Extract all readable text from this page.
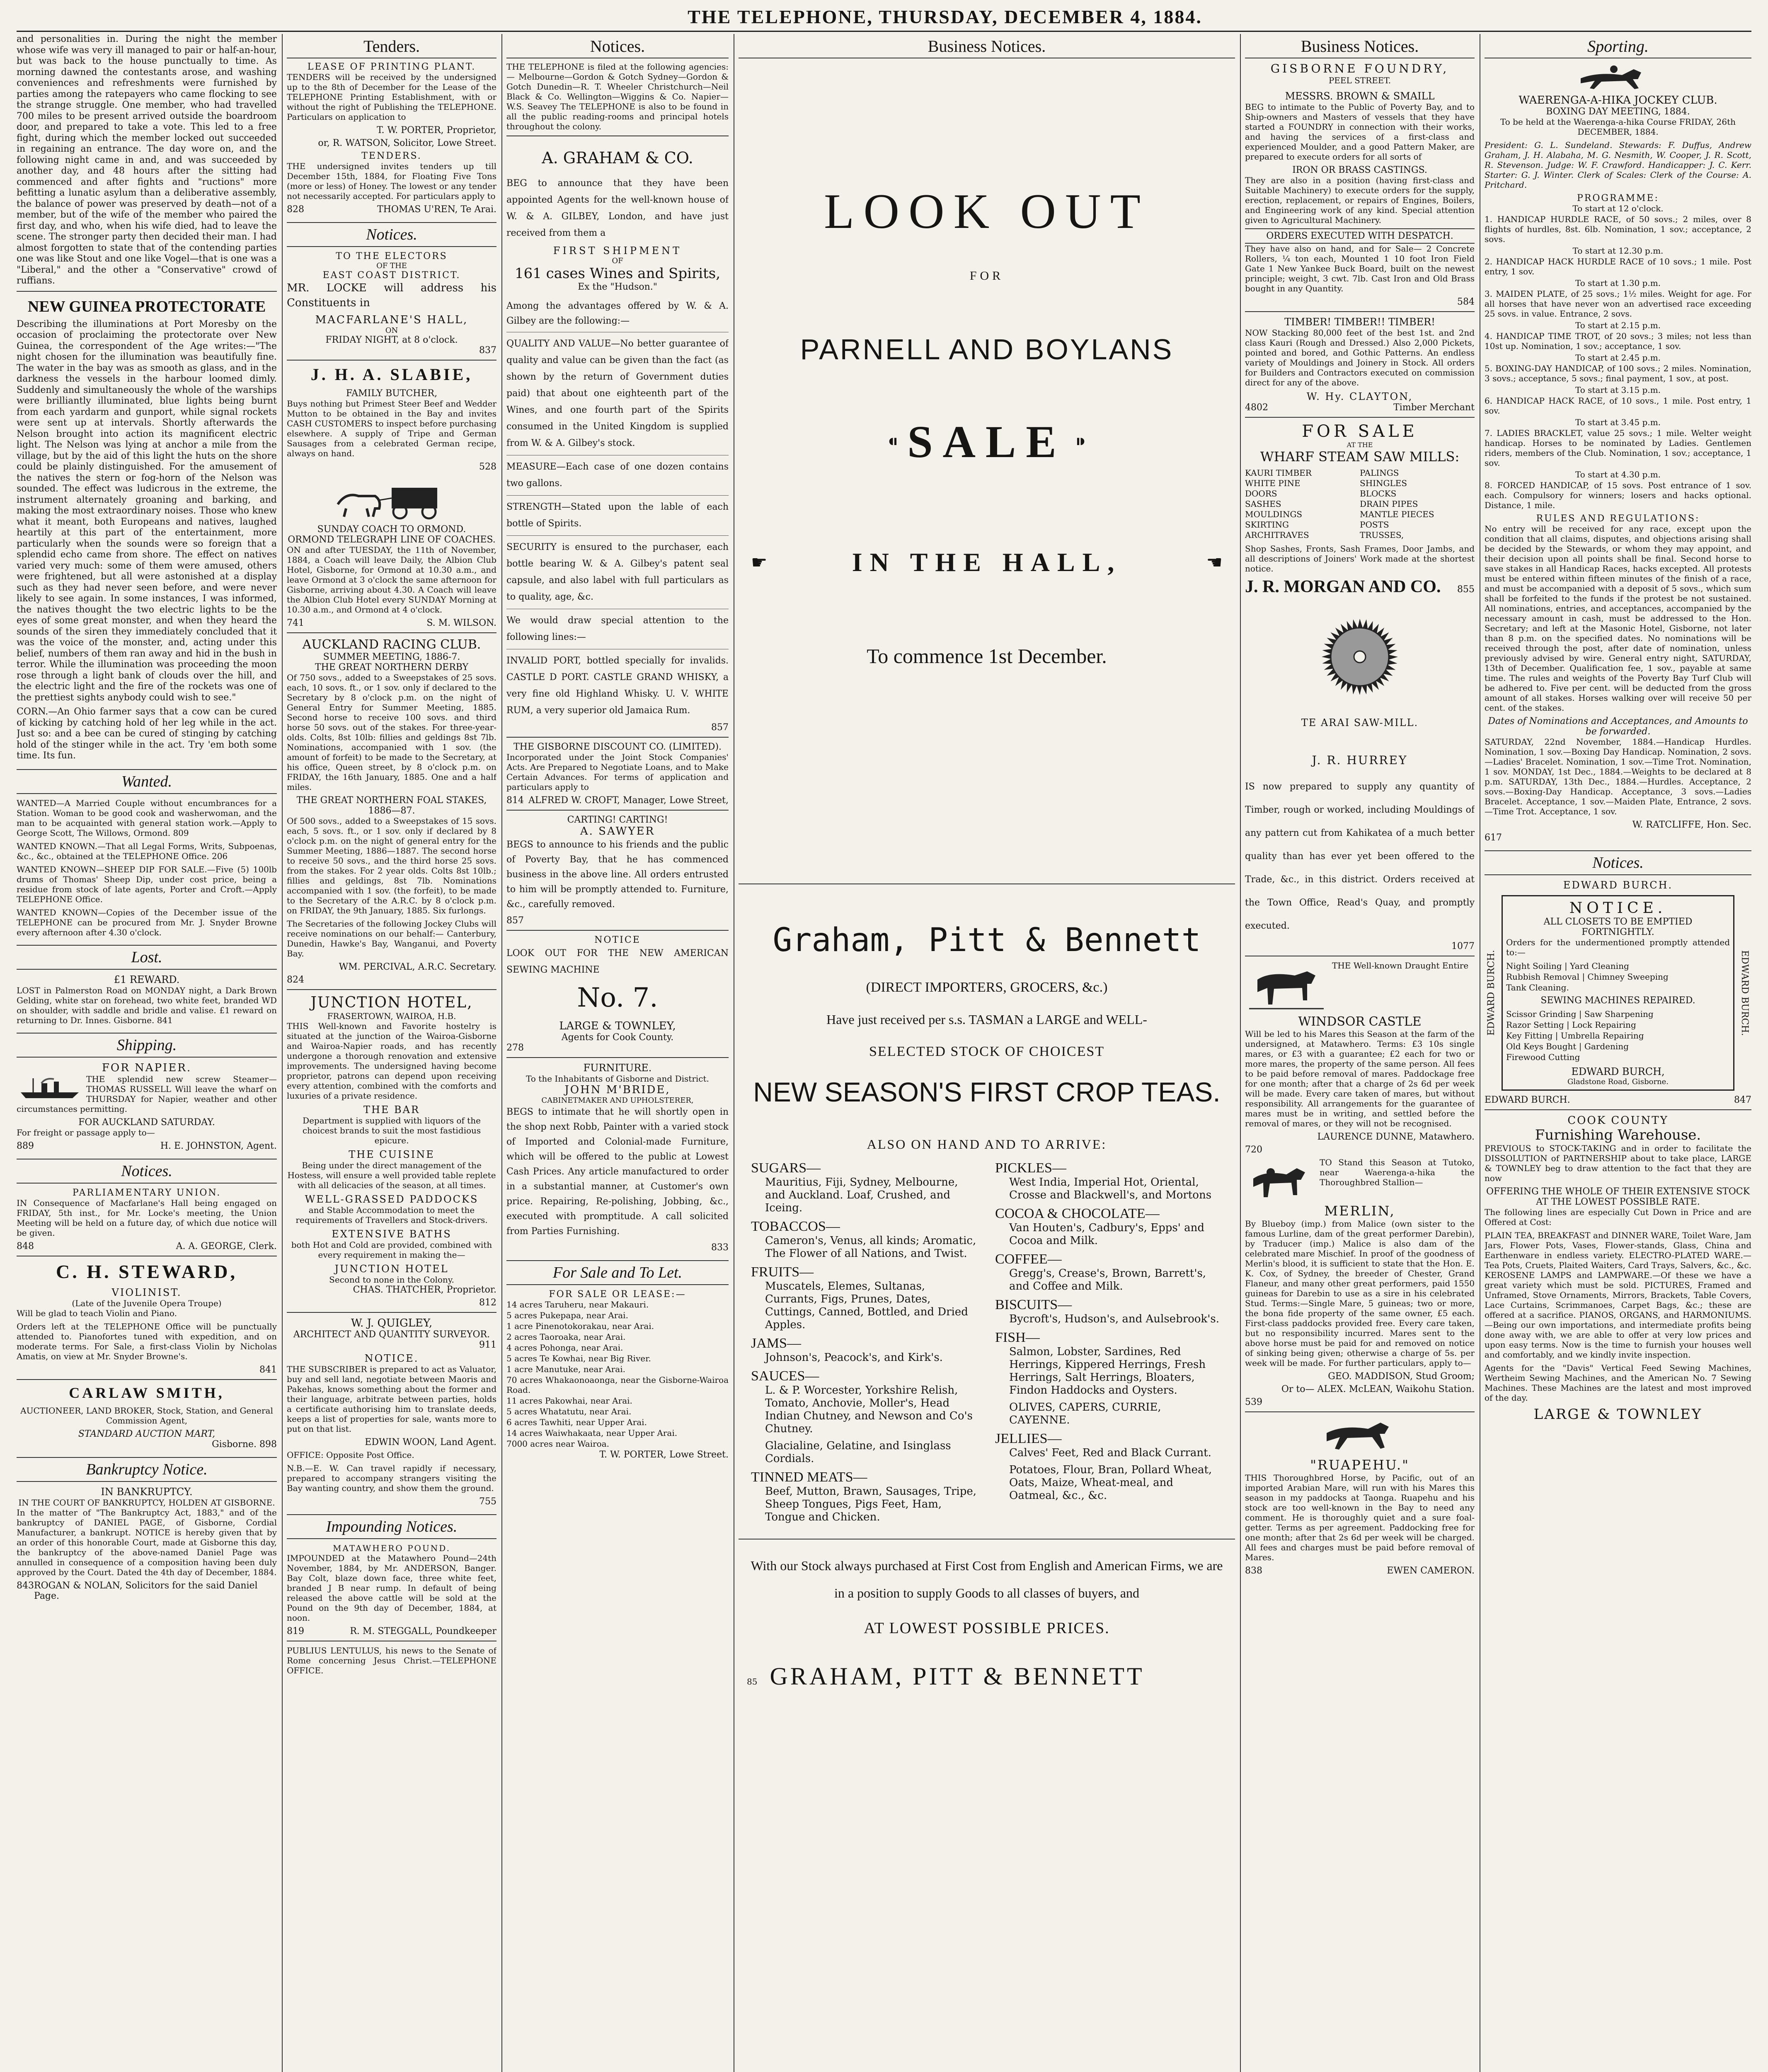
THE TELEPHONE, THURSDAY, DECEMBER 4, 1884.

and personalities in. During the night the member whose wife was very ill managed to pair or half-an-hour, but was back to the house punctually to time. As morning dawned the contestants arose, and washing conveniences and refreshments were furnished by parties among the ratepayers who came flocking to see the strange struggle. One member, who had travelled 700 miles to be present arrived outside the boardroom door, and prepared to take a vote. This led to a free fight, during which the member locked out succeeded in regaining an entrance. The day wore on, and the following night came in and, and was succeeded by another day, and 48 hours after the sitting had commenced and after fights and "ructions" more befitting a lunatic asylum than a deliberative assembly, the balance of power was preserved by death—not of a member, but of the wife of the member who paired the first day, and who, when his wife died, had to leave the scene. The stronger party then decided their man. I had almost forgotten to state that of the contending parties one was like Stout and one like Vogel—that is one was a "Liberal," and the other a "Conservative" crowd of ruffians.

NEW GUINEA PROTECTORATE

Describing the illuminations at Port Moresby on the occasion of proclaiming the protectorate over New Guinea, the correspondent of the Age writes:—"The night chosen for the illumination was beautifully fine. The water in the bay was as smooth as glass, and in the darkness the vessels in the harbour loomed dimly. Suddenly and simultaneously the whole of the warships were brilliantly illuminated, blue lights being burnt from each yardarm and gunport, while signal rockets were sent up at intervals. Shortly afterwards the Nelson brought into action its magnificent electric light. The Nelson was lying at anchor a mile from the village, but by the aid of this light the huts on the shore could be plainly distinguished. For the amusement of the natives the stern or fog-horn of the Nelson was sounded. The effect was ludicrous in the extreme, the instrument alternately groaning and barking, and making the most extraordinary noises. Those who knew what it meant, both Europeans and natives, laughed heartily at this part of the entertainment, more particularly when the sounds were so foreign that a splendid echo came from shore. The effect on natives varied very much: some of them were amused, others were frightened, but all were astonished at a display such as they had never seen before, and were never likely to see again. In some instances, I was informed, the natives thought the two electric lights to be the eyes of some great monster, and when they heard the sounds of the siren they immediately concluded that it was the voice of the monster, and, acting under this belief, numbers of them ran away and hid in the bush in terror. While the illumination was proceeding the moon rose through a light bank of clouds over the hill, and the electric light and the fire of the rockets was one of the prettiest sights anybody could wish to see."

CORN.—An Ohio farmer says that a cow can be cured of kicking by catching hold of her leg while in the act. Just so: and a bee can be cured of stinging by catching hold of the stinger while in the act. Try 'em both some time. Its fun.

Wanted.

WANTED—A Married Couple without encumbrances for a Station. Woman to be good cook and washerwoman, and the man to be acquainted with general station work.—Apply to George Scott, The Willows, Ormond. 809

WANTED KNOWN.—That all Legal Forms, Writs, Subpoenas, &c., &c., obtained at the TELEPHONE Office. 206

WANTED KNOWN—SHEEP DIP FOR SALE.—Five (5) 100lb drums of Thomas' Sheep Dip, under cost price, being a residue from stock of late agents, Porter and Croft.—Apply TELEPHONE Office.

WANTED KNOWN—Copies of the December issue of the TELEPHONE can be procured from Mr. J. Snyder Browne every afternoon after 4.30 o'clock.

Lost.
£1 REWARD.

LOST in Palmerston Road on MONDAY night, a Dark Brown Gelding, white star on forehead, two white feet, branded WD on shoulder, with saddle and bridle and valise. £1 reward on returning to Dr. Innes. Gisborne. 841

Shipping.
FOR NAPIER.

THE splendid new screw Steamer— THOMAS RUSSELL Will leave the wharf on THURSDAY for Napier, weather and other circumstances permitting.

FOR AUCKLAND SATURDAY.

For freight or passage apply to—

889	H. E. JOHNSTON, Agent.
Notices.
PARLIAMENTARY UNION.

IN Consequence of Macfarlane's Hall being engaged on FRIDAY, 5th inst., for Mr. Locke's meeting, the Union Meeting will be held on a future day, of which due notice will be given.

848	A. A. GEORGE, Clerk.
C. H. STEWARD,
VIOLINIST.
(Late of the Juvenile Opera Troupe)

Will be glad to teach Violin and Piano.

Orders left at the TELEPHONE Office will be punctually attended to. Pianofortes tuned with expedition, and on moderate terms. For Sale, a first-class Violin by Nicholas Amatis, on view at Mr. Snyder Browne's.

841
CARLAW SMITH,

AUCTIONEER, LAND BROKER, Stock, Station, and General Commission Agent,

STANDARD AUCTION MART,
Gisborne. 898
Bankruptcy Notice.
IN BANKRUPTCY.
IN THE COURT OF BANKRUPTCY, HOLDEN AT GISBORNE.

In the matter of "The Bankruptcy Act, 1883," and of the bankruptcy of DANIEL PAGE, of Gisborne, Cordial Manufacturer, a bankrupt. NOTICE is hereby given that by an order of this honorable Court, made at Gisborne this day, the bankruptcy of the above-named Daniel Page was annulled in consequence of a composition having been duly approved by the Court. Dated the 4th day of December, 1884.

843 ROGAN & NOLAN, Solicitors for the said Daniel Page.
Tenders.
LEASE OF PRINTING PLANT.

TENDERS will be received by the undersigned up to the 8th of December for the Lease of the TELEPHONE Printing Establishment, with or without the right of Publishing the TELEPHONE. Particulars on application to

T. W. PORTER, Proprietor,
or, R. WATSON, Solicitor, Lowe Street.
TENDERS.

THE undersigned invites tenders up till December 15th, 1884, for Floating Five Tons (more or less) of Honey. The lowest or any tender not necessarily accepted. For particulars apply to

828	THOMAS U'REN, Te Arai.
Notices.
TO THE ELECTORS
OF THE
EAST COAST DISTRICT.

MR. LOCKE will address his Constituents in

MACFARLANE'S HALL,
ON
FRIDAY NIGHT, at 8 o'clock.
837
J. H. A. SLABIE,
FAMILY BUTCHER,

Buys nothing but Primest Steer Beef and Wedder Mutton to be obtained in the Bay and invites CASH CUSTOMERS to inspect before purchasing elsewhere. A supply of Tripe and German Sausages from a celebrated German recipe, always on hand.

528
SUNDAY COACH TO ORMOND.
ORMOND TELEGRAPH LINE OF COACHES.

ON and after TUESDAY, the 11th of November, 1884, a Coach will leave Daily, the Albion Club Hotel, Gisborne, for Ormond at 10.30 a.m., and leave Ormond at 3 o'clock the same afternoon for Gisborne, arriving about 4.30. A Coach will leave the Albion Club Hotel every SUNDAY Morning at 10.30 a.m., and Ormond at 4 o'clock.

741	S. M. WILSON.
AUCKLAND RACING CLUB.
SUMMER MEETING, 1886-7.
THE GREAT NORTHERN DERBY

Of 750 sovs., added to a Sweepstakes of 25 sovs. each, 10 sovs. ft., or 1 sov. only if declared to the Secretary by 8 o'clock p.m. on the night of General Entry for Summer Meeting, 1885. Second horse to receive 100 sovs. and third horse 50 sovs. out of the stakes. For three-year-olds. Colts, 8st 10lb: fillies and geldings 8st 7lb. Nominations, accompanied with 1 sov. (the amount of forfeit) to be made to the Secretary, at his office, Queen street, by 8 o'clock p.m. on FRIDAY, the 16th January, 1885. One and a half miles.

THE GREAT NORTHERN FOAL STAKES, 1886—87.

Of 500 sovs., added to a Sweepstakes of 15 sovs. each, 5 sovs. ft., or 1 sov. only if declared by 8 o'clock p.m. on the night of general entry for the Summer Meeting, 1886—1887. The second horse to receive 50 sovs., and the third horse 25 sovs. from the stakes. For 2 year olds. Colts 8st 10lb.; fillies and geldings, 8st 7lb. Nominations accompanied with 1 sov. (the forfeit), to be made to the Secretary of the A.R.C. by 8 o'clock p.m. on FRIDAY, the 9th January, 1885. Six furlongs.

The Secretaries of the following Jockey Clubs will receive nominations on our behalf:— Canterbury, Dunedin, Hawke's Bay, Wanganui, and Poverty Bay.

WM. PERCIVAL, A.R.C. Secretary.
824
JUNCTION HOTEL,
FRASERTOWN, WAIROA, H.B.

THIS Well-known and Favorite hostelry is situated at the junction of the Wairoa-Gisborne and Wairoa-Napier roads, and has recently undergone a thorough renovation and extensive improvements. The undersigned having become proprietor, patrons can depend upon receiving every attention, combined with the comforts and luxuries of a private residence.

THE BAR

Department is supplied with liquors of the choicest brands to suit the most fastidious epicure.

THE CUISINE

Being under the direct management of the Hostess, will ensure a well provided table replete with all delicacies of the season, at all times.

WELL-GRASSED PADDOCKS

and Stable Accommodation to meet the requirements of Travellers and Stock-drivers.

EXTENSIVE BATHS

both Hot and Cold are provided, combined with every requirement in making the—

JUNCTION HOTEL
Second to none in the Colony.
CHAS. THATCHER, Proprietor.
812
W. J. QUIGLEY,
ARCHITECT AND QUANTITY SURVEYOR.
911
NOTICE.

THE SUBSCRIBER is prepared to act as Valuator, buy and sell land, negotiate between Maoris and Pakehas, knows something about the former and their language, arbitrate between parties, holds a certificate authorising him to translate deeds, keeps a list of properties for sale, wants more to put on that list.

EDWIN WOON, Land Agent.

OFFICE: Opposite Post Office.

N.B.—E. W. Can travel rapidly if necessary, prepared to accompany strangers visiting the Bay wanting country, and show them the ground.

755
Impounding Notices.
MATAWHERO POUND.

IMPOUNDED at the Matawhero Pound—24th November, 1884, by Mr. ANDERSON, Banger. Bay Colt, blaze down face, three white feet, branded J B near rump. In default of being released the above cattle will be sold at the Pound on the 9th day of December, 1884, at noon.

819	R. M. STEGGALL, Poundkeeper

PUBLIUS LENTULUS, his news to the Senate of Rome concerning Jesus Christ.—TELEPHONE OFFICE.

Notices.

THE TELEPHONE is filed at the following agencies:— Melbourne—Gordon & Gotch Sydney—Gordon & Gotch Dunedin—R. T. Wheeler Christchurch—Neil Black & Co. Wellington—Wiggins & Co. Napier—W.S. Seavey The TELEPHONE is also to be found in all the public reading-rooms and principal hotels throughout the colony.

A. GRAHAM & CO.

BEG to announce that they have been appointed Agents for the well-known house of W. & A. GILBEY, London, and have just received from them a

FIRST SHIPMENT
OF
161 cases Wines and Spirits,
Ex the "Hudson."

Among the advantages offered by W. & A. Gilbey are the following:—

QUALITY AND VALUE—No better guarantee of quality and value can be given than the fact (as shown by the return of Government duties paid) that about one eighteenth part of the Wines, and one fourth part of the Spirits consumed in the United Kingdom is supplied from W. & A. Gilbey's stock.

MEASURE—Each case of one dozen contains two gallons.

STRENGTH—Stated upon the lable of each bottle of Spirits.

SECURITY is ensured to the purchaser, each bottle bearing W. & A. Gilbey's patent seal capsule, and also label with full particulars as to quality, age, &c.

We would draw special attention to the following lines:—

INVALID PORT, bottled specially for invalids. CASTLE D PORT. CASTLE GRAND WHISKY, a very fine old Highland Whisky. U. V. WHITE RUM, a very superior old Jamaica Rum.

857
THE GISBORNE DISCOUNT CO. (LIMITED).

Incorporated under the Joint Stock Companies' Acts. Are Prepared to Negotiate Loans, and to Make Certain Advances. For terms of application and particulars apply to

814 ALFRED W. CROFT, Manager, Lowe Street,
CARTING! CARTING!
A. SAWYER

BEGS to announce to his friends and the public of Poverty Bay, that he has commenced business in the above line. All orders entrusted to him will be promptly attended to. Furniture, &c., carefully removed.

857
NOTICE

LOOK OUT FOR THE NEW AMERICAN SEWING MACHINE

No. 7.
LARGE & TOWNLEY,
Agents for Cook County.
278
FURNITURE.
To the Inhabitants of Gisborne and District.
JOHN M'BRIDE,
CABINETMAKER AND UPHOLSTERER,

BEGS to intimate that he will shortly open in the shop next Robb, Painter with a varied stock of Imported and Colonial-made Furniture, which will be offered to the public at Lowest Cash Prices. Any article manufactured to order in a substantial manner, at Customer's own price. Repairing, Re-polishing, Jobbing, &c., executed with promptitude. A call solicited from Parties Furnishing.

833
For Sale and To Let.
FOR SALE OR LEASE:—
14 acres Taruheru, near Makauri.
5 acres Pukepapa, near Arai.
1 acre Pinenotokorakau, near Arai.
2 acres Taoroaka, near Arai.
4 acres Pohonga, near Arai.
5 acres Te Kowhai, near Big River.
1 acre Manutuke, near Arai.
70 acres Whakaonoaonga, near the Gisborne-Wairoa Road.
11 acres Pakowhai, near Arai.
5 acres Whatatutu, near Arai.
6 acres Tawhiti, near Upper Arai.
14 acres Waiwhakaata, near Upper Arai.
7000 acres near Wairoa.
T. W. PORTER, Lowe Street.
Business Notices.
LOOK OUT
FOR
PARNELL AND BOYLANS
⁌ SALE ⁍
☛	IN THE HALL,	☚
To commence 1st December.
Graham, Pitt & Bennett
(DIRECT IMPORTERS, GROCERS, &c.)
Have just received per s.s. TASMAN a LARGE and WELL-
SELECTED STOCK OF CHOICEST
NEW SEASON'S FIRST CROP TEAS.
ALSO ON HAND AND TO ARRIVE:
SUGARS—
Mauritius, Fiji, Sydney, Melbourne, and Auckland. Loaf, Crushed, and Iceing.
TOBACCOS—
Cameron's, Venus, all kinds; Aromatic, The Flower of all Nations, and Twist.
FRUITS—
Muscatels, Elemes, Sultanas, Currants, Figs, Prunes, Dates, Cuttings, Canned, Bottled, and Dried Apples.
JAMS—
Johnson's, Peacock's, and Kirk's.
SAUCES—
L. & P. Worcester, Yorkshire Relish, Tomato, Anchovie, Moller's, Head Indian Chutney, and Newson and Co's Chutney.
Glacialine, Gelatine, and Isinglass Cordials.
TINNED MEATS—
Beef, Mutton, Brawn, Sausages, Tripe, Sheep Tongues, Pigs Feet, Ham, Tongue and Chicken.
PICKLES—
West India, Imperial Hot, Oriental, Crosse and Blackwell's, and Mortons
COCOA & CHOCOLATE—
Van Houten's, Cadbury's, Epps' and Cocoa and Milk.
COFFEE—
Gregg's, Crease's, Brown, Barrett's, and Coffee and Milk.
BISCUITS—
Bycroft's, Hudson's, and Aulsebrook's.
FISH—
Salmon, Lobster, Sardines, Red Herrings, Kippered Herrings, Fresh Herrings, Salt Herrings, Bloaters, Findon Haddocks and Oysters.
OLIVES, CAPERS, CURRIE, CAYENNE.
JELLIES—
Calves' Feet, Red and Black Currant.
Potatoes, Flour, Bran, Pollard Wheat, Oats, Maize, Wheat-meal, and Oatmeal, &c., &c.

With our Stock always purchased at First Cost from English and American Firms, we are in a position to supply Goods to all classes of buyers, and

AT LOWEST POSSIBLE PRICES.
85 GRAHAM, PITT & BENNETT
Business Notices.
GISBORNE FOUNDRY,
PEEL STREET.
MESSRS. BROWN & SMAILL

BEG to intimate to the Public of Poverty Bay, and to Ship-owners and Masters of vessels that they have started a FOUNDRY in connection with their works, and having the services of a first-class and experienced Moulder, and a good Pattern Maker, are prepared to execute orders for all sorts of

IRON OR BRASS CASTINGS.

They are also in a position (having first-class and Suitable Machinery) to execute orders for the supply, erection, replacement, or repairs of Engines, Boilers, and Engineering work of any kind. Special attention given to Agricultural Machinery.

ORDERS EXECUTED WITH DESPATCH.

They have also on hand, and for Sale— 2 Concrete Rollers, ¼ ton each, Mounted 1 10 foot Iron Field Gate 1 New Yankee Buck Board, built on the newest principle; weight, 3 cwt. 7lb. Cast Iron and Old Brass bought in any Quantity.

584
TIMBER! TIMBER!! TIMBER!

NOW Stacking 80,000 feet of the best 1st. and 2nd class Kauri (Rough and Dressed.) Also 2,000 Pickets, pointed and bored, and Gothic Patterns. An endless variety of Mouldings and Joinery in Stock. All orders for Builders and Contractors executed on commission direct for any of the above.

W. Hy. CLAYTON,
4802	Timber Merchant
FOR SALE
AT THE
WHARF STEAM SAW MILLS:
KAURI TIMBER
WHITE PINE
DOORS
SASHES
MOULDINGS
SKIRTING
ARCHITRAVES
PALINGS
SHINGLES
BLOCKS
DRAIN PIPES
MANTLE PIECES
POSTS
TRUSSES,

Shop Sashes, Fronts, Sash Frames, Door Jambs, and all descriptions of Joiners' Work made at the shortest notice.

J. R. MORGAN AND CO. 855
TE ARAI SAW-MILL.
J. R. HURREY

IS now prepared to supply any quantity of Timber, rough or worked, including Mouldings of any pattern cut from Kahikatea of a much better quality than has ever yet been offered to the Trade, &c., in this district. Orders received at the Town Office, Read's Quay, and promptly executed.

1077

THE Well-known Draught Entire

WINDSOR CASTLE

Will be led to his Mares this Season at the farm of the undersigned, at Matawhero. Terms: £3 10s single mares, or £3 with a guarantee; £2 each for two or more mares, the property of the same person. All fees to be paid before removal of mares. Paddockage free for one month; after that a charge of 2s 6d per week will be made. Every care taken of mares, but without responsibility. All arrangements for the guarantee of mares must be in writing, and settled before the removal of mares, or they will not be recognised.

LAURENCE DUNNE, Matawhero.
720

TO Stand this Season at Tutoko, near Waerenga-a-hika the Thoroughbred Stallion—

MERLIN,

By Blueboy (imp.) from Malice (own sister to the famous Lurline, dam of the great performer Darebin), by Traducer (imp.) Malice is also dam of the celebrated mare Mischief. In proof of the goodness of Merlin's blood, it is sufficient to state that the Hon. E. K. Cox, of Sydney, the breeder of Chester, Grand Flaneur, and many other great performers, paid 1550 guineas for Darebin to use as a sire in his celebrated Stud. Terms:—Single Mare, 5 guineas; two or more, the bona fide property of the same owner, £5 each. First-class paddocks provided free. Every care taken, but no responsibility incurred. Mares sent to the above horse must be paid for and removed on notice of sinking being given; otherwise a charge of 5s. per week will be made. For further particulars, apply to—

GEO. MADDISON, Stud Groom;
Or to— ALEX. McLEAN, Waikohu Station.
539
"RUAPEHU."

THIS Thoroughbred Horse, by Pacific, out of an imported Arabian Mare, will run with his Mares this season in my paddocks at Taonga. Ruapehu and his stock are too well-known in the Bay to need any comment. He is thoroughly quiet and a sure foal-getter. Terms as per agreement. Paddocking free for one month; after that 2s 6d per week will be charged. All fees and charges must be paid before removal of Mares.

838	EWEN CAMERON.
Sporting.
WAERENGA-A-HIKA JOCKEY CLUB.
BOXING DAY MEETING, 1884.

To be held at the Waerenga-a-hika Course FRIDAY, 26th DECEMBER, 1884.

President: G. L. Sundeland. Stewards: F. Duffus, Andrew Graham, J. H. Alabaha, M. G. Nesmith, W. Cooper, J. R. Scott, R. Stevenson. Judge: W. F. Crawford. Handicapper: J. C. Kerr. Starter: G. J. Winter. Clerk of Scales: Clerk of the Course: A. Pritchard.

PROGRAMME:
To start at 12 o'clock.
1. HANDICAP HURDLE RACE, of 50 sovs.; 2 miles, over 8 flights of hurdles, 8st. 6lb. Nomination, 1 sov.; acceptance, 2 sovs.
To start at 12.30 p.m.
2. HANDICAP HACK HURDLE RACE of 10 sovs.; 1 mile. Post entry, 1 sov.
To start at 1.30 p.m.
3. MAIDEN PLATE, of 25 sovs.; 1½ miles. Weight for age. For all horses that have never won an advertised race exceeding 25 sovs. in value. Entrance, 2 sovs.
To start at 2.15 p.m.
4. HANDICAP TIME TROT, of 20 sovs.; 3 miles; not less than 10st up. Nomination, 1 sov.; acceptance, 1 sov.
To start at 2.45 p.m.
5. BOXING-DAY HANDICAP, of 100 sovs.; 2 miles. Nomination, 3 sovs.; acceptance, 5 sovs.; final payment, 1 sov., at post.
To start at 3.15 p.m.
6. HANDICAP HACK RACE, of 10 sovs., 1 mile. Post entry, 1 sov.
To start at 3.45 p.m.
7. LADIES BRACKLET, value 25 sovs.; 1 mile. Welter weight handicap. Horses to be nominated by Ladies. Gentlemen riders, members of the Club. Nomination, 1 sov.; acceptance, 1 sov.
To start at 4.30 p.m.
8. FORCED HANDICAP, of 15 sovs. Post entrance of 1 sov. each. Compulsory for winners; losers and hacks optional. Distance, 1 mile.
RULES AND REGULATIONS:

No entry will be received for any race, except upon the condition that all claims, disputes, and objections arising shall be decided by the Stewards, or whom they may appoint, and their decision upon all points shall be final. Second horse to save stakes in all Handicap Races, hacks excepted. All protests must be entered within fifteen minutes of the finish of a race, and must be accompanied with a deposit of 5 sovs., which sum shall be forfeited to the funds if the protest be not sustained. All nominations, entries, and acceptances, accompanied by the necessary amount in cash, must be addressed to the Hon. Secretary; and left at the Masonic Hotel, Gisborne, not later than 8 p.m. on the specified dates. No nominations will be received through the post, after date of nomination, unless previously advised by wire. General entry night, SATURDAY, 13th of December. Qualification fee, 1 sov., payable at same time. The rules and weights of the Poverty Bay Turf Club will be adhered to. Five per cent. will be deducted from the gross amount of all stakes. Horses walking over will receive 50 per cent. of the stakes.

Dates of Nominations and Acceptances, and Amounts to be forwarded.

SATURDAY, 22nd November, 1884.—Handicap Hurdles. Nomination, 1 sov.—Boxing Day Handicap. Nomination, 2 sovs.—Ladies' Bracelet. Nomination, 1 sov.—Time Trot. Nomination, 1 sov. MONDAY, 1st Dec., 1884.—Weights to be declared at 8 p.m. SATURDAY, 13th Dec., 1884.—Hurdles. Acceptance, 2 sovs.—Boxing-Day Handicap. Acceptance, 3 sovs.—Ladies Bracelet. Acceptance, 1 sov.—Maiden Plate, Entrance, 2 sovs.—Time Trot. Acceptance, 1 sov.

W. RATCLIFFE, Hon. Sec.
617
Notices.
EDWARD BURCH.
EDWARD BURCH.
NOTICE.
ALL CLOSETS TO BE EMPTIED FORTNIGHTLY.

Orders for the undermentioned promptly attended to:—

Night Soiling | Yard Cleaning
Rubbish Removal | Chimney Sweeping
Tank Cleaning.
SEWING MACHINES REPAIRED.
Scissor Grinding | Saw Sharpening
Razor Setting | Lock Repairing
Key Fitting | Umbrella Repairing
Old Keys Bought | Gardening
Firewood Cutting
EDWARD BURCH,
Gladstone Road, Gisborne.
EDWARD BURCH.
EDWARD BURCH.	847
COOK COUNTY
Furnishing Warehouse.

PREVIOUS to STOCK-TAKING and in order to facilitate the DISSOLUTION of PARTNERSHIP about to take place, LARGE & TOWNLEY beg to draw attention to the fact that they are now

OFFERING THE WHOLE OF THEIR EXTENSIVE STOCK
AT THE LOWEST POSSIBLE RATE.

The following lines are especially Cut Down in Price and are Offered at Cost:

PLAIN TEA, BREAKFAST and DINNER WARE, Toilet Ware, Jam Jars, Flower Pots, Vases, Flower-stands, Glass, China and Earthenware in endless variety. ELECTRO-PLATED WARE.—Tea Pots, Cruets, Plaited Waiters, Card Trays, Salvers, &c., &c. KEROSENE LAMPS and LAMPWARE.—Of these we have a great variety which must be sold. PICTURES, Framed and Unframed, Stove Ornaments, Mirrors, Brackets, Table Covers, Lace Curtains, Scrimmanoes, Carpet Bags, &c.; these are offered at a sacrifice. PIANOS, ORGANS, and HARMONIUMS.—Being our own importations, and intermediate profits being done away with, we are able to offer at very low prices and upon easy terms. Now is the time to furnish your houses well and comfortably, and we kindly invite inspection.

Agents for the "Davis" Vertical Feed Sewing Machines, Wertheim Sewing Machines, and the American No. 7 Sewing Machines. These Machines are the latest and most improved of the day.

LARGE & TOWNLEY
